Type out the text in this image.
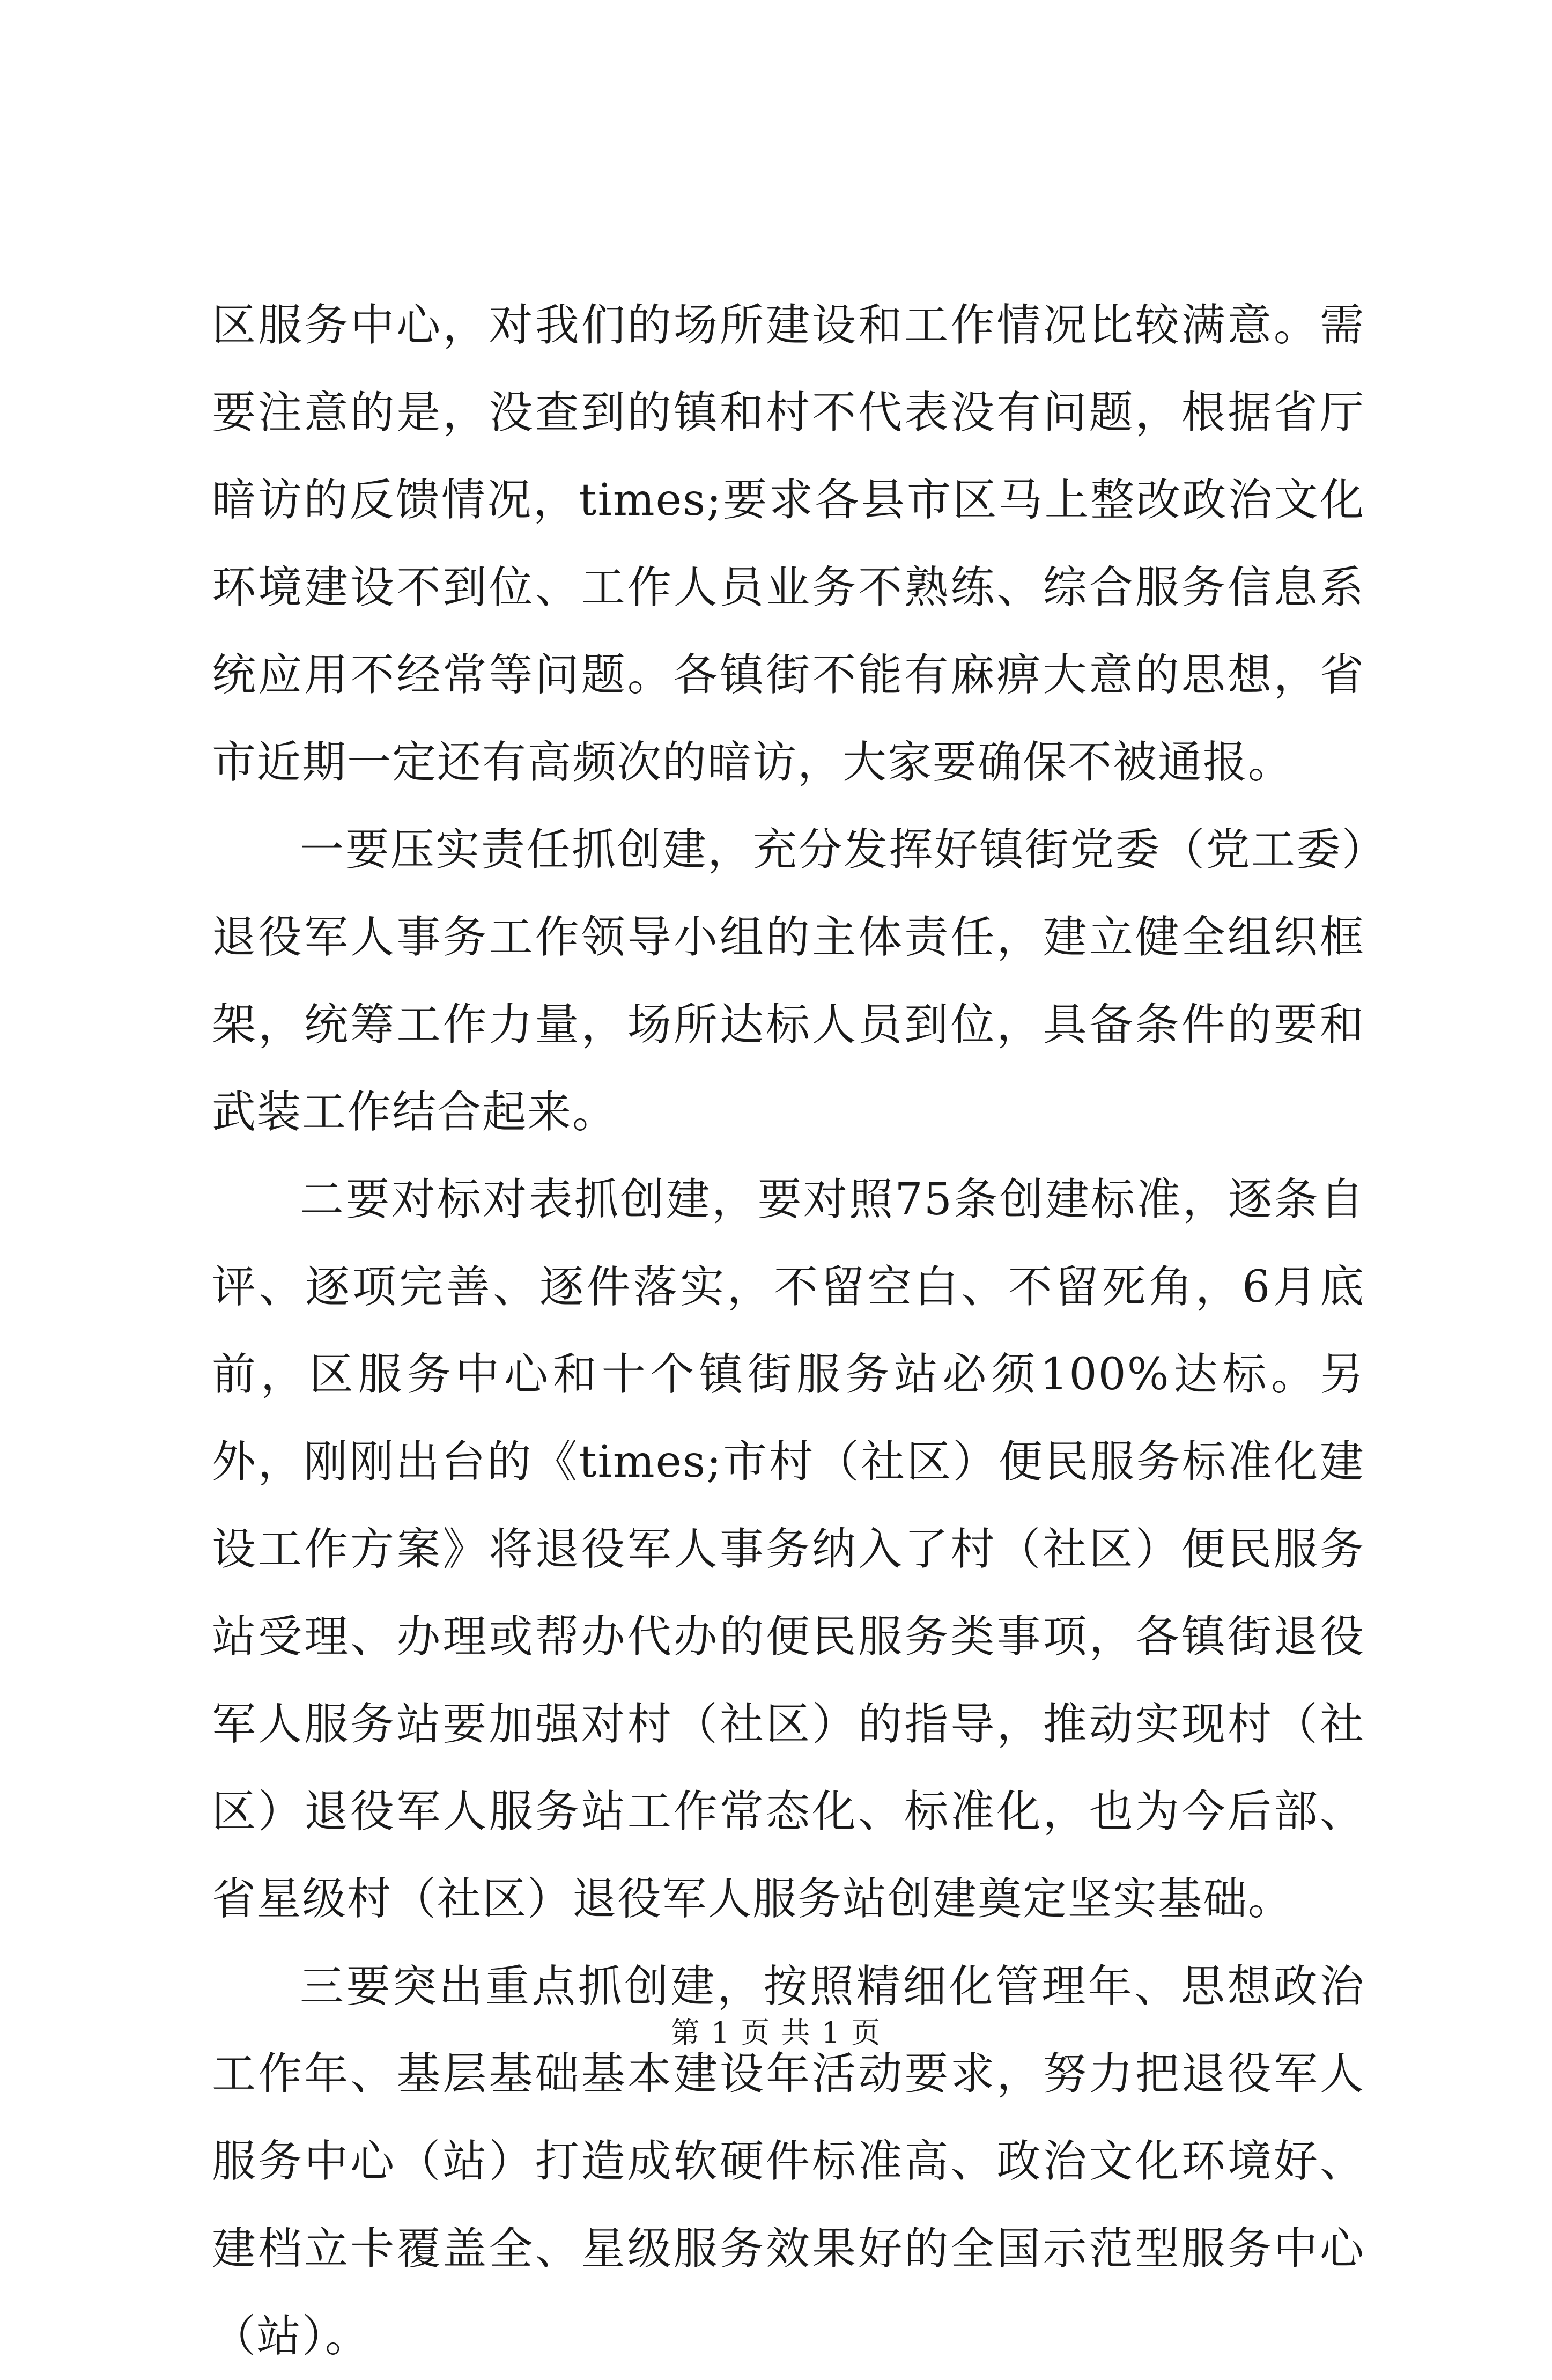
区服务中心，对我们的场所建设和工作情况比较满意。需要注意的是，没查到的镇和村不代表没有问题，根据省厅暗访的反馈情况，times;要求各县市区马上整改政治文化环境建设不到位、工作人员业务不熟练、综合服务信息系统应用不经常等问题。各镇街不能有麻痹大意的思想，省市近期一定还有高频次的暗访，大家要确保不被通报。

一要压实责任抓创建，充分发挥好镇街党委（党工委）退役军人事务工作领导小组的主体责任，建立健全组织框架，统筹工作力量，场所达标人员到位，具备条件的要和武装工作结合起来。

二要对标对表抓创建，要对照75条创建标准，逐条自评、逐项完善、逐件落实，不留空白、不留死角，6月底前，区服务中心和十个镇街服务站必须100%达标。另外，刚刚出台的《times;市村（社区）便民服务标准化建设工作方案》将退役军人事务纳入了村（社区）便民服务站受理、办理或帮办代办的便民服务类事项，各镇街退役军人服务站要加强对村（社区）的指导，推动实现村（社区）退役军人服务站工作常态化、标准化，也为今后部、省星级村（社区）退役军人服务站创建奠定坚实基础。

三要突出重点抓创建，按照精细化管理年、思想政治工作年、基层基础基本建设年活动要求，努力把退役军人服务中心（站）打造成软硬件标准高、政治文化环境好、建档立卡覆盖全、星级服务效果好的全国示范型服务中心（站）。

第 1 页 共 1 页
